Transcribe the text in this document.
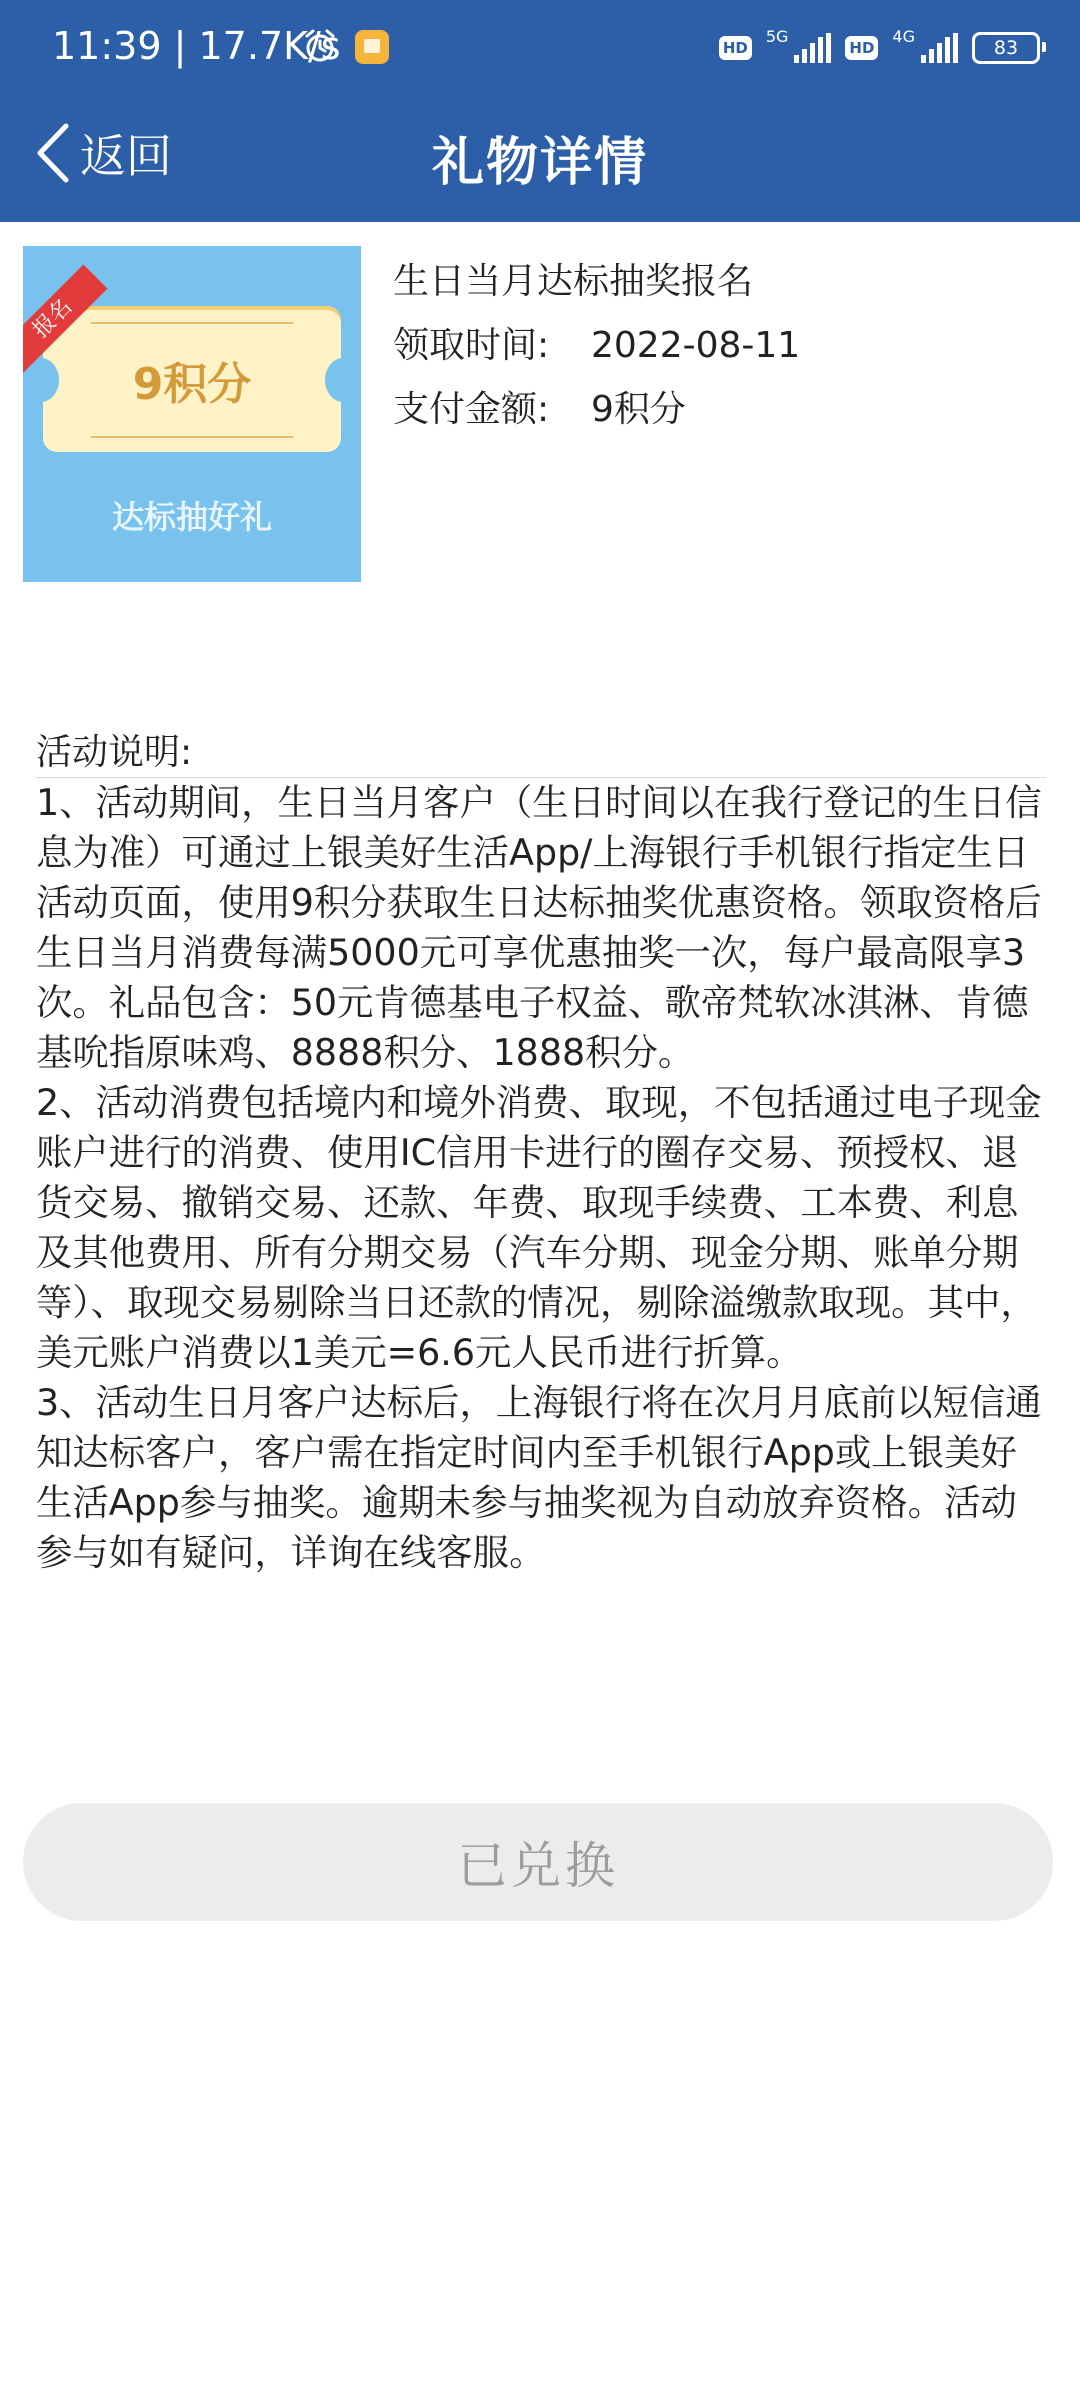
11:39 | 17.7K/s	HD
5G
HD
4G
83
返回	礼物详情
9积分
报名
达标抽好礼
生日当月达标抽奖报名
领取时间: 2022-08-11
支付金额: 9积分
活动说明:
1、活动期间，生日当月客户（生日时间以在我行登记的生日信息为准）可通过上银美好生活App/上海银行手机银行指定生日活动页面，使用9积分获取生日达标抽奖优惠资格。领取资格后生日当月消费每满5000元可享优惠抽奖一次，每户最高限享3次。礼品包含：50元肯德基电子权益、歌帝梵软冰淇淋、肯德基吮指原味鸡、8888积分、1888积分。
2、活动消费包括境内和境外消费、取现，不包括通过电子现金账户进行的消费、使用IC信用卡进行的圈存交易、预授权、退货交易、撤销交易、还款、年费、取现手续费、工本费、利息及其他费用、所有分期交易（汽车分期、现金分期、账单分期等）、取现交易剔除当日还款的情况，剔除溢缴款取现。其中，美元账户消费以1美元=6.6元人民币进行折算。
3、活动生日月客户达标后，上海银行将在次月月底前以短信通知达标客户，客户需在指定时间内至手机银行App或上银美好生活App参与抽奖。逾期未参与抽奖视为自动放弃资格。活动参与如有疑问，详询在线客服。
已兑换
